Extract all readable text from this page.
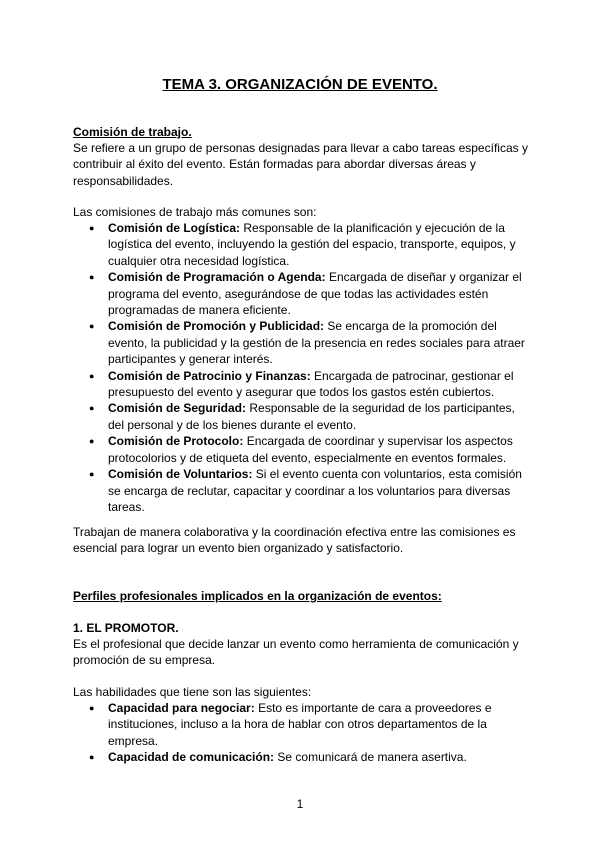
TEMA 3. ORGANIZACIÓN DE EVENTO.

Comisión de trabajo.

Se refiere a un grupo de personas designadas para llevar a cabo tareas específicas y contribuir al éxito del evento. Están formadas para abordar diversas áreas y responsabilidades.

Las comisiones de trabajo más comunes son:

● Comisión de Logística: Responsable de la planificación y ejecución de la logística del evento, incluyendo la gestión del espacio, transporte, equipos, y cualquier otra necesidad logística.
● Comisión de Programación o Agenda: Encargada de diseñar y organizar el programa del evento, asegurándose de que todas las actividades estén programadas de manera eficiente.
● Comisión de Promoción y Publicidad: Se encarga de la promoción del evento, la publicidad y la gestión de la presencia en redes sociales para atraer participantes y generar interés.
● Comisión de Patrocinio y Finanzas: Encargada de patrocinar, gestionar el presupuesto del evento y asegurar que todos los gastos estén cubiertos.
● Comisión de Seguridad: Responsable de la seguridad de los participantes, del personal y de los bienes durante el evento.
● Comisión de Protocolo: Encargada de coordinar y supervisar los aspectos protocolorios y de etiqueta del evento, especialmente en eventos formales.
● Comisión de Voluntarios: Si el evento cuenta con voluntarios, esta comisión se encarga de reclutar, capacitar y coordinar a los voluntarios para diversas tareas.

Trabajan de manera colaborativa y la coordinación efectiva entre las comisiones es esencial para lograr un evento bien organizado y satisfactorio.

Perfiles profesionales implicados en la organización de eventos:

1. EL PROMOTOR.

Es el profesional que decide lanzar un evento como herramienta de comunicación y promoción de su empresa.

Las habilidades que tiene son las siguientes:

● Capacidad para negociar: Esto es importante de cara a proveedores e instituciones, incluso a la hora de hablar con otros departamentos de la empresa.
● Capacidad de comunicación: Se comunicará de manera asertiva.
1
